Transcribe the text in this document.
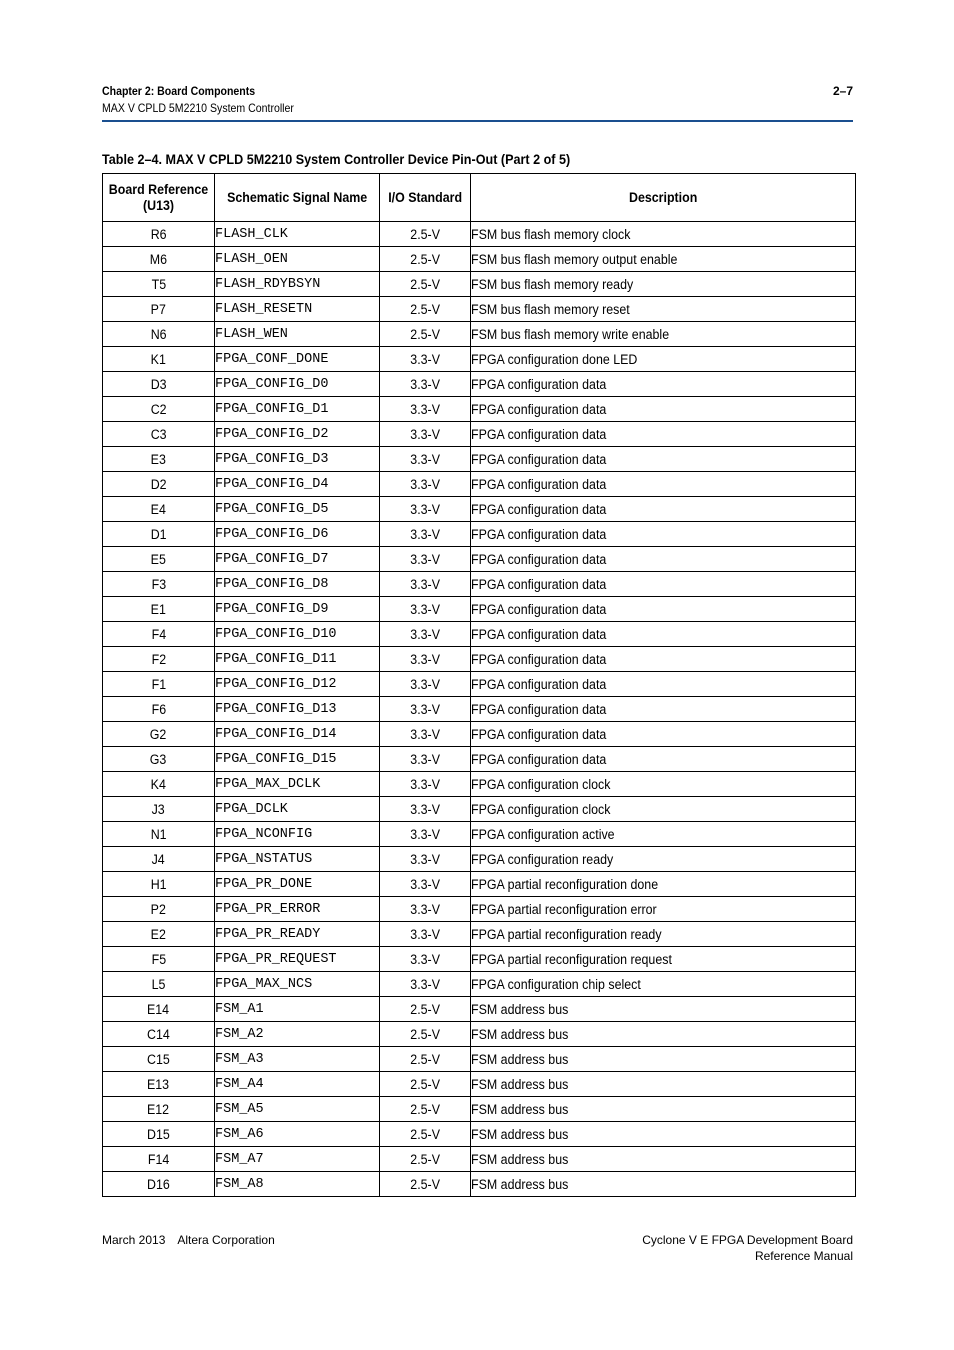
Chapter 2: Board Components
MAX V CPLD 5M2210 System Controller
2–7
Table 2–4. MAX V CPLD 5M2210 System Controller Device Pin-Out (Part 2 of 5)
Board Reference (U13)	Schematic Signal Name	I/O Standard	Description
R6	FLASH_CLK	2.5-V	FSM bus flash memory clock
M6	FLASH_OEN	2.5-V	FSM bus flash memory output enable
T5	FLASH_RDYBSYN	2.5-V	FSM bus flash memory ready
P7	FLASH_RESETN	2.5-V	FSM bus flash memory reset
N6	FLASH_WEN	2.5-V	FSM bus flash memory write enable
K1	FPGA_CONF_DONE	3.3-V	FPGA configuration done LED
D3	FPGA_CONFIG_D0	3.3-V	FPGA configuration data
C2	FPGA_CONFIG_D1	3.3-V	FPGA configuration data
C3	FPGA_CONFIG_D2	3.3-V	FPGA configuration data
E3	FPGA_CONFIG_D3	3.3-V	FPGA configuration data
D2	FPGA_CONFIG_D4	3.3-V	FPGA configuration data
E4	FPGA_CONFIG_D5	3.3-V	FPGA configuration data
D1	FPGA_CONFIG_D6	3.3-V	FPGA configuration data
E5	FPGA_CONFIG_D7	3.3-V	FPGA configuration data
F3	FPGA_CONFIG_D8	3.3-V	FPGA configuration data
E1	FPGA_CONFIG_D9	3.3-V	FPGA configuration data
F4	FPGA_CONFIG_D10	3.3-V	FPGA configuration data
F2	FPGA_CONFIG_D11	3.3-V	FPGA configuration data
F1	FPGA_CONFIG_D12	3.3-V	FPGA configuration data
F6	FPGA_CONFIG_D13	3.3-V	FPGA configuration data
G2	FPGA_CONFIG_D14	3.3-V	FPGA configuration data
G3	FPGA_CONFIG_D15	3.3-V	FPGA configuration data
K4	FPGA_MAX_DCLK	3.3-V	FPGA configuration clock
J3	FPGA_DCLK	3.3-V	FPGA configuration clock
N1	FPGA_NCONFIG	3.3-V	FPGA configuration active
J4	FPGA_NSTATUS	3.3-V	FPGA configuration ready
H1	FPGA_PR_DONE	3.3-V	FPGA partial reconfiguration done
P2	FPGA_PR_ERROR	3.3-V	FPGA partial reconfiguration error
E2	FPGA_PR_READY	3.3-V	FPGA partial reconfiguration ready
F5	FPGA_PR_REQUEST	3.3-V	FPGA partial reconfiguration request
L5	FPGA_MAX_NCS	3.3-V	FPGA configuration chip select
E14	FSM_A1	2.5-V	FSM address bus
C14	FSM_A2	2.5-V	FSM address bus
C15	FSM_A3	2.5-V	FSM address bus
E13	FSM_A4	2.5-V	FSM address bus
E12	FSM_A5	2.5-V	FSM address bus
D15	FSM_A6	2.5-V	FSM address bus
F14	FSM_A7	2.5-V	FSM address bus
D16	FSM_A8	2.5-V	FSM address bus
March 2013 Altera Corporation	Cyclone V E FPGA Development Board
Reference Manual
